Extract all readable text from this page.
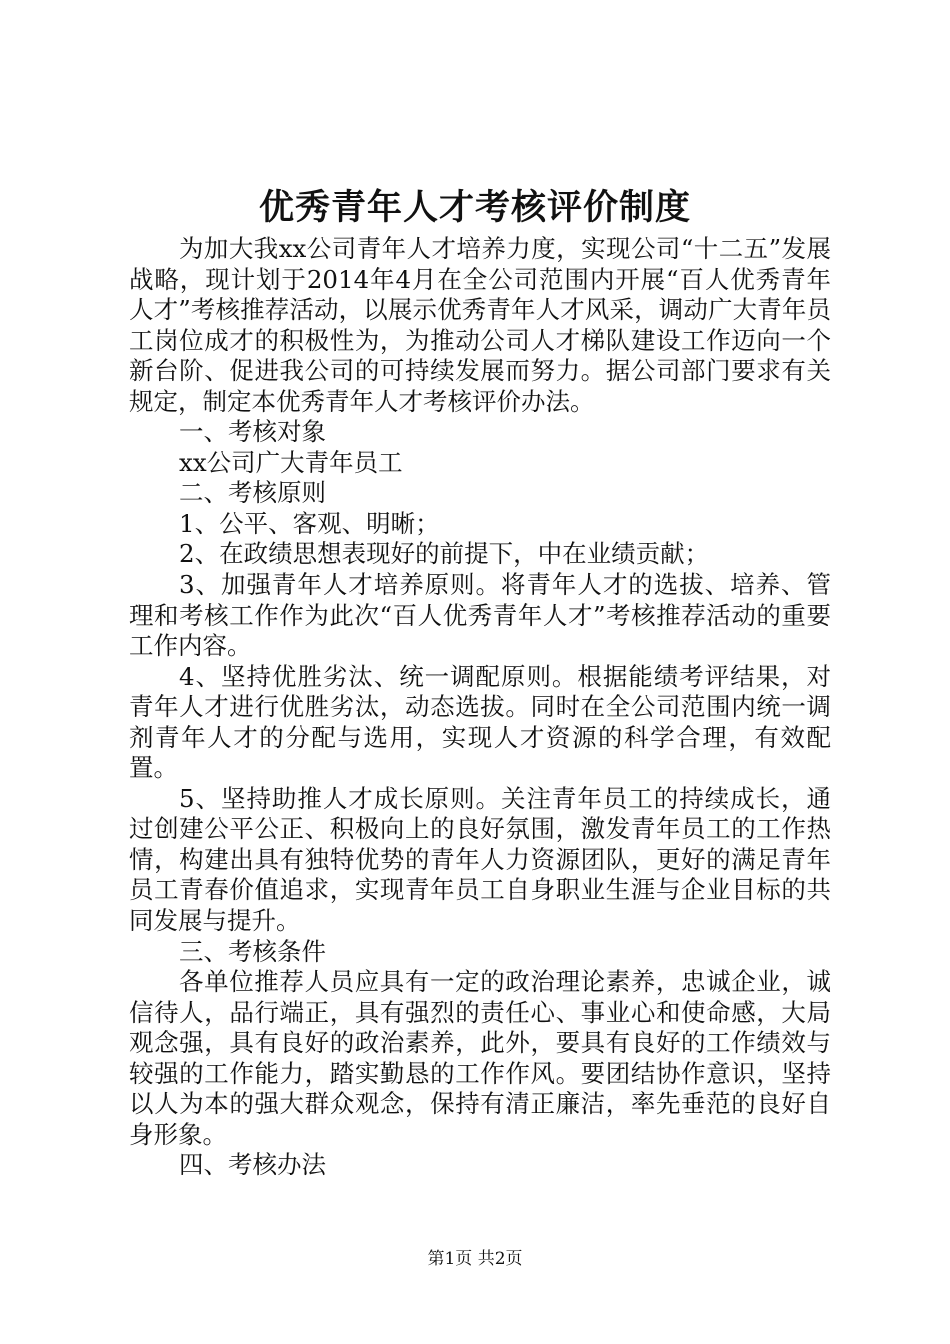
优秀青年人才考核评价制度

为加大我xx公司青年人才培养力度，实现公司“十二五”发展战略，现计划于2014年4月在全公司范围内开展“百人优秀青年人才”考核推荐活动，以展示优秀青年人才风采，调动广大青年员工岗位成才的积极性为，为推动公司人才梯队建设工作迈向一个新台阶、促进我公司的可持续发展而努力。据公司部门要求有关规定，制定本优秀青年人才考核评价办法。

一、考核对象

xx公司广大青年员工

二、考核原则

1、公平、客观、明晰；

2、在政绩思想表现好的前提下，中在业绩贡献；

3、加强青年人才培养原则。将青年人才的选拔、培养、管理和考核工作作为此次“百人优秀青年人才”考核推荐活动的重要工作内容。

4、坚持优胜劣汰、统一调配原则。根据能绩考评结果，对青年人才进行优胜劣汰，动态选拔。同时在全公司范围内统一调剂青年人才的分配与选用，实现人才资源的科学合理，有效配置。

5、坚持助推人才成长原则。关注青年员工的持续成长，通过创建公平公正、积极向上的良好氛围，激发青年员工的工作热情，构建出具有独特优势的青年人力资源团队，更好的满足青年员工青春价值追求，实现青年员工自身职业生涯与企业目标的共同发展与提升。

三、考核条件

各单位推荐人员应具有一定的政治理论素养，忠诚企业，诚信待人，品行端正，具有强烈的责任心、事业心和使命感，大局观念强，具有良好的政治素养，此外，要具有良好的工作绩效与较强的工作能力，踏实勤恳的工作作风。要团结协作意识，坚持以人为本的强大群众观念，保持有清正廉洁，率先垂范的良好自身形象。

四、考核办法

第1页 共2页
